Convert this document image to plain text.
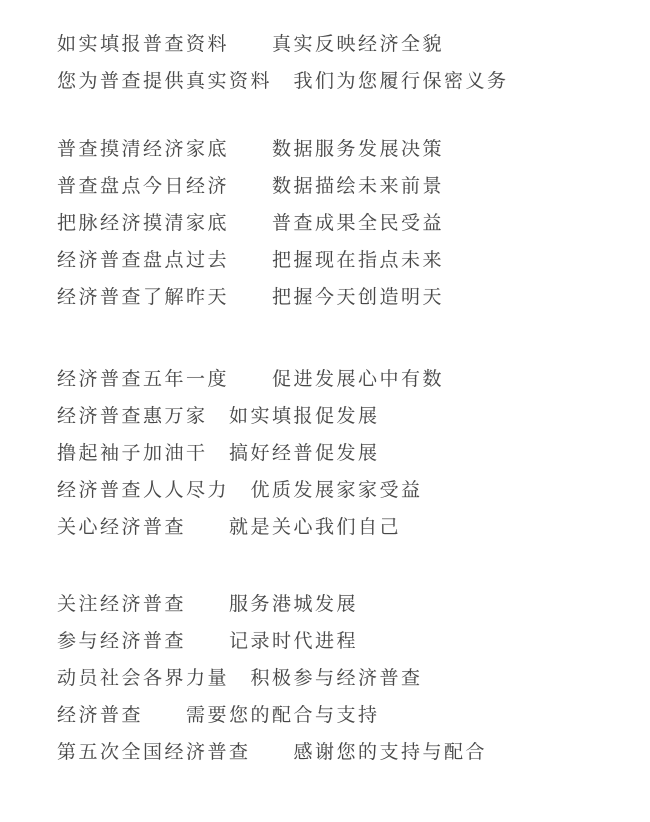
如实填报普查资料　　真实反映经济全貌
您为普查提供真实资料　我们为您履行保密义务
普查摸清经济家底　　数据服务发展决策
普查盘点今日经济　　数据描绘未来前景
把脉经济摸清家底　　普查成果全民受益
经济普查盘点过去　　把握现在指点未来
经济普查了解昨天　　把握今天创造明天
经济普查五年一度　　促进发展心中有数
经济普查惠万家　如实填报促发展
撸起袖子加油干　搞好经普促发展
经济普查人人尽力　优质发展家家受益
关心经济普查　　就是关心我们自己
关注经济普查　　服务港城发展
参与经济普查　　记录时代进程
动员社会各界力量　积极参与经济普查
经济普查　　需要您的配合与支持
第五次全国经济普查　　感谢您的支持与配合
